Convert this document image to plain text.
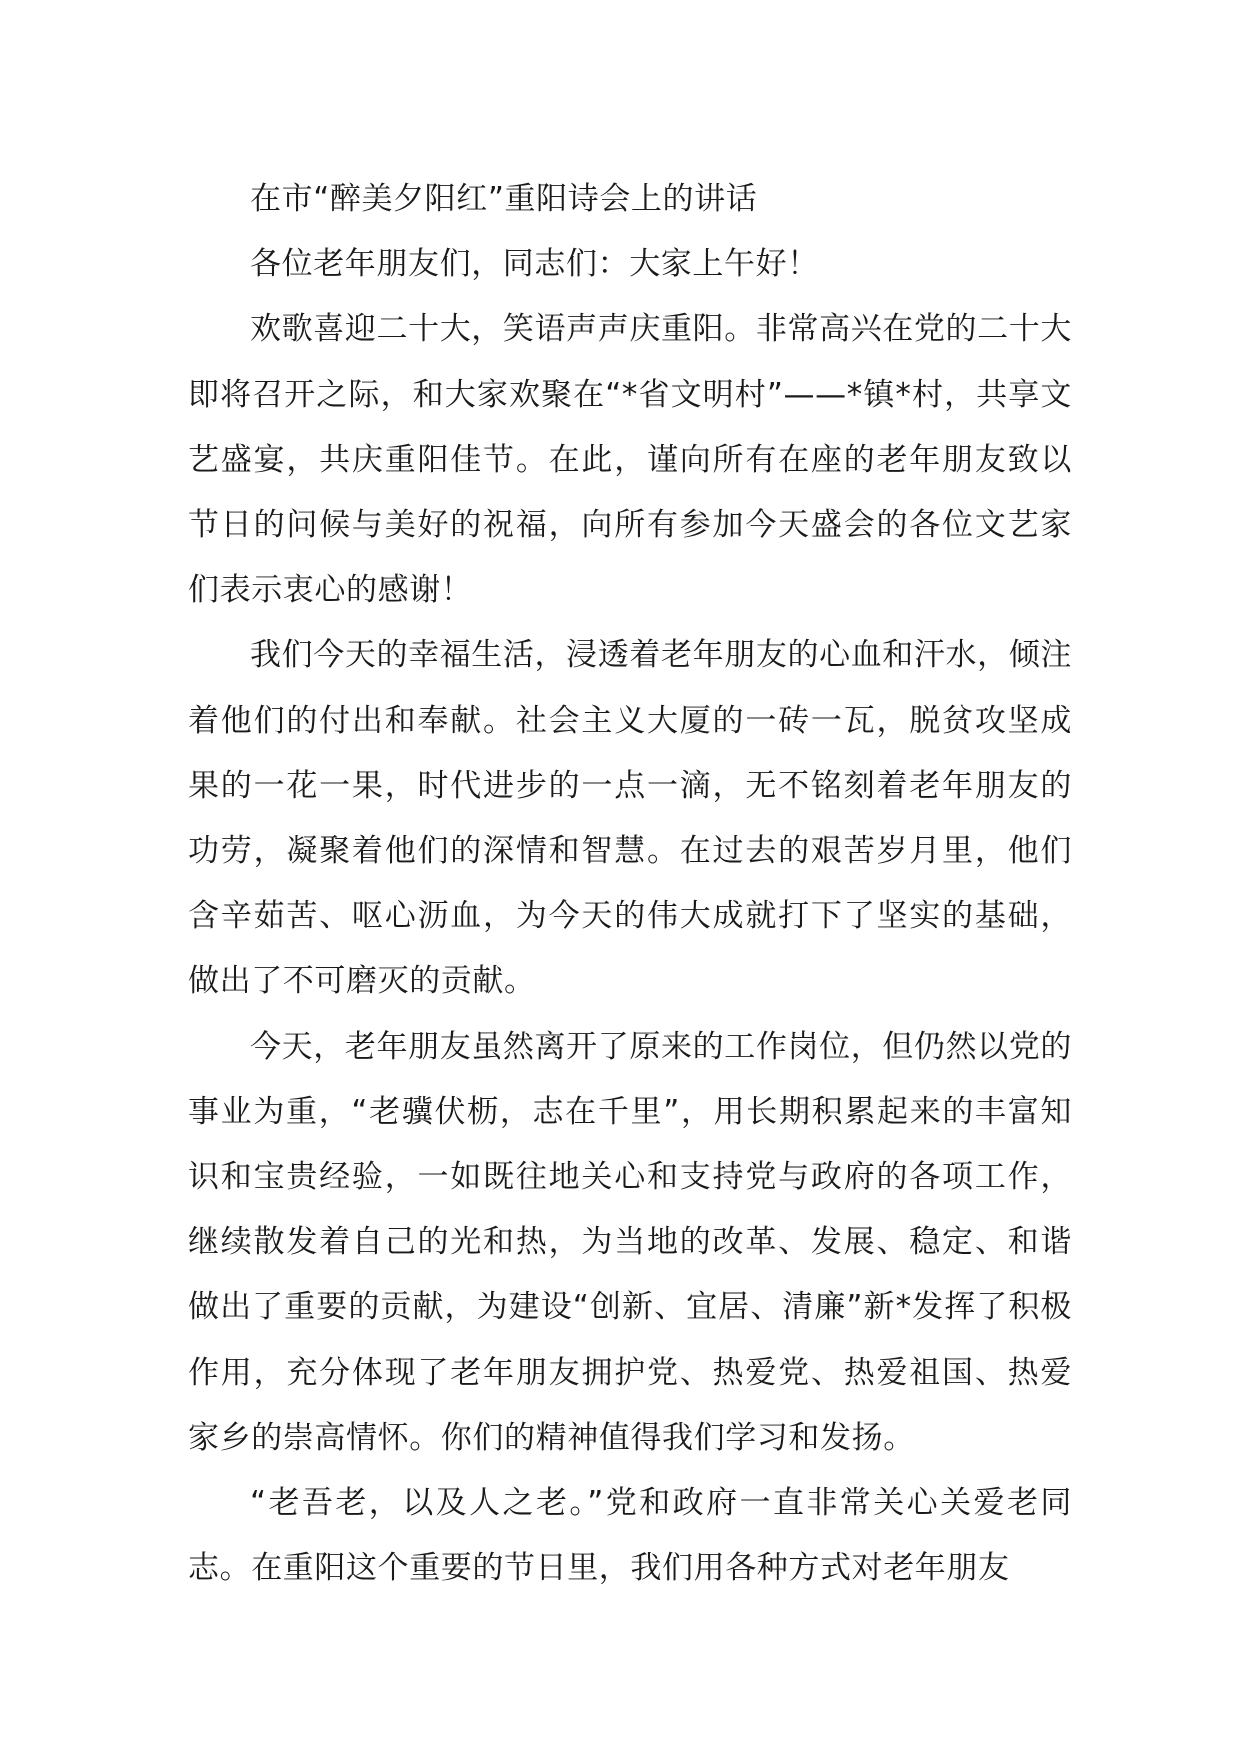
在市“醉美夕阳红”重阳诗会上的讲话

各位老年朋友们，同志们：大家上午好！

欢歌喜迎二十大，笑语声声庆重阳。非常高兴在党的二十大即将召开之际，和大家欢聚在“*省文明村”——*镇*村，共享文艺盛宴，共庆重阳佳节。在此，谨向所有在座的老年朋友致以节日的问候与美好的祝福，向所有参加今天盛会的各位文艺家们表示衷心的感谢！

我们今天的幸福生活，浸透着老年朋友的心血和汗水，倾注着他们的付出和奉献。社会主义大厦的一砖一瓦，脱贫攻坚成果的一花一果，时代进步的一点一滴，无不铭刻着老年朋友的功劳，凝聚着他们的深情和智慧。在过去的艰苦岁月里，他们含辛茹苦、呕心沥血，为今天的伟大成就打下了坚实的基础，做出了不可磨灭的贡献。

今天，老年朋友虽然离开了原来的工作岗位，但仍然以党的事业为重，“老骥伏枥，志在千里”，用长期积累起来的丰富知识和宝贵经验，一如既往地关心和支持党与政府的各项工作，继续散发着自己的光和热，为当地的改革、发展、稳定、和谐做出了重要的贡献，为建设“创新、宜居、清廉”新*发挥了积极作用，充分体现了老年朋友拥护党、热爱党、热爱祖国、热爱家乡的崇高情怀。你们的精神值得我们学习和发扬。

“老吾老，以及人之老。”党和政府一直非常关心关爱老同志。在重阳这个重要的节日里，我们用各种方式对老年朋友
